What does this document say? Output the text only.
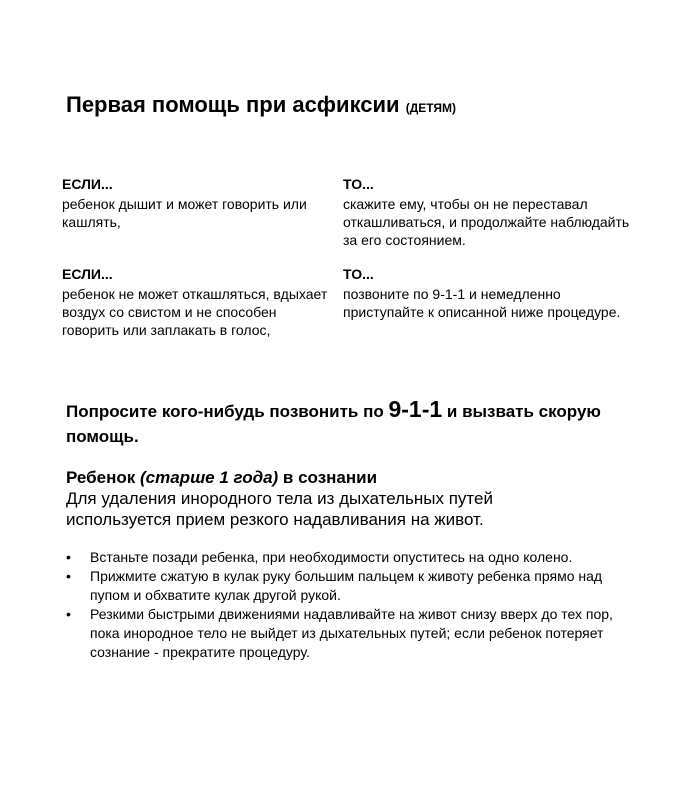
Первая помощь при асфиксии (ДЕТЯМ)
ЕСЛИ...
ребенок дышит и может говорить или кашлять,
ТО...
скажите ему, чтобы он не переставал откашливаться, и продолжайте наблюдайть за его состоянием.
ЕСЛИ...
ребенок не может откашляться, вдыхает воздух со свистом и не способен говорить или заплакать в голос,
ТО...
позвоните по 9-1-1 и немедленно приступайте к описанной ниже процедуре.
Попросите кого-нибудь позвонить по 9-1-1 и вызвать скорую помощь.
Ребенок (старше 1 года) в сознании
Для удаления инородного тела из дыхательных путей используется прием резкого надавливания на живот.
• Встаньте позади ребенка, при необходимости опуститесь на одно колено.
• Прижмите сжатую в кулак руку большим пальцем к животу ребенка прямо над пупом и обхватите кулак другой рукой.
• Резкими быстрыми движениями надавливайте на живот снизу вверх до тех пор, пока инородное тело не выйдет из дыхательных путей; если ребенок потеряет сознание - прекратите процедуру.
